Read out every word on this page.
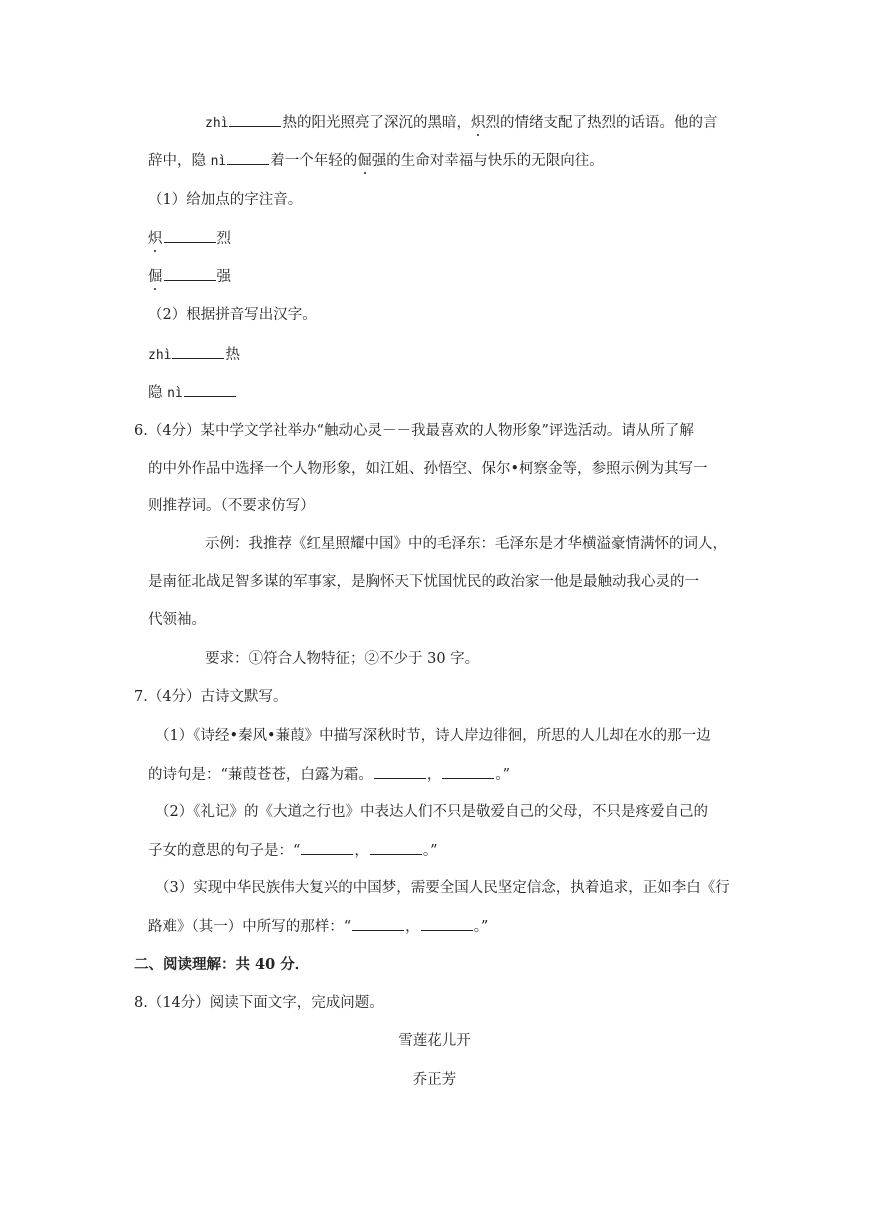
zhì	热的阳光照亮了深沉的黑暗，炽烈的情绪支配了热烈的话语。他的言
辞中，隐 nì	着一个年轻的倔强的生命对幸福与快乐的无限向往。
（1）给加点的字注音。
炽	烈
倔	强
（2）根据拼音写出汉字。
zhì	热
隐 nì
6.（4分）某中学文学社举办“触动心灵－－我最喜欢的人物形象”评选活动。请从所了解
的中外作品中选择一个人物形象，如江姐、孙悟空、保尔•柯察金等，参照示例为其写一
则推荐词。（不要求仿写）
示例：我推荐《红星照耀中国》中的毛泽东：毛泽东是才华横溢豪情满怀的词人，
是南征北战足智多谋的军事家，是胸怀天下忧国忧民的政治家一他是最触动我心灵的一
代领袖。
要求：①符合人物特征；②不少于 30 字。
7.（4分）古诗文默写。
（1）《诗经•秦风•蒹葭》中描写深秋时节，诗人岸边徘徊，所思的人儿却在水的那一边
的诗句是：“蒹葭苍苍，白露为霜。	，	。”
（2）《礼记》的《大道之行也》中表达人们不只是敬爱自己的父母，不只是疼爱自己的
子女的意思的句子是：“	，	。”
（3）实现中华民族伟大复兴的中国梦，需要全国人民坚定信念，执着追求，正如李白《行
路难》（其一）中所写的那样：“	，	。”
二、阅读理解：共 40 分．
8.（14分）阅读下面文字，完成问题。
雪莲花儿开
乔正芳
